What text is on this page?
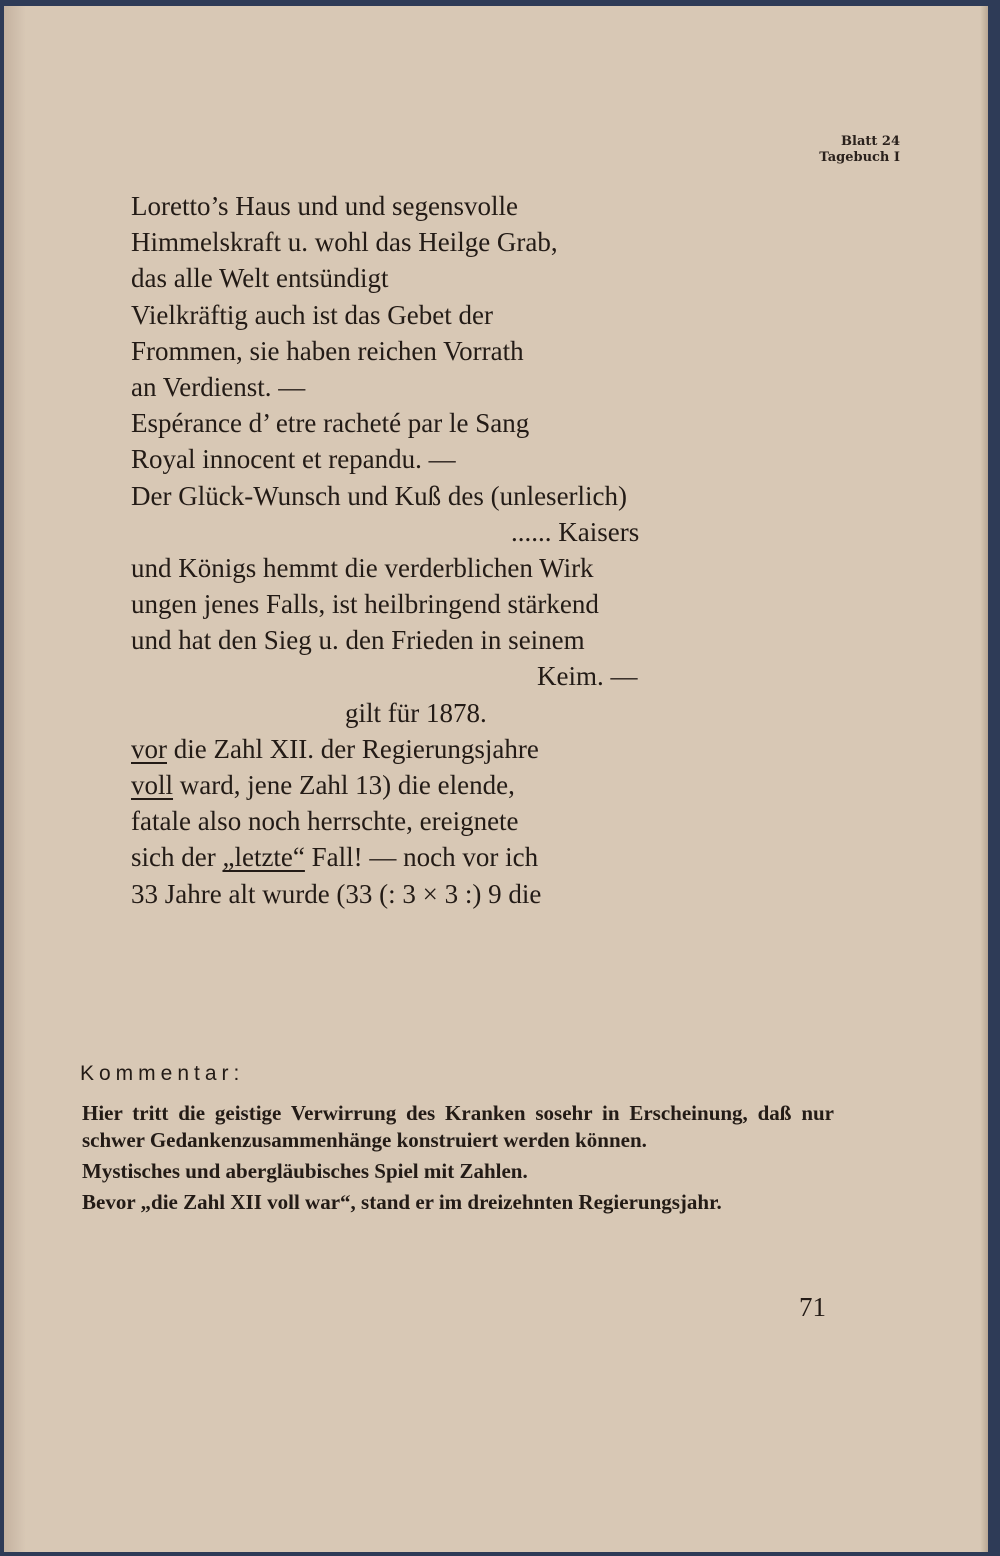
Blatt 24
Tagebuch I
Loretto’s Haus und und segensvolle
Himmelskraft u. wohl das Heilge Grab,
das alle Welt entsündigt
Vielkräftig auch ist das Gebet der
Frommen, sie haben reichen Vorrath
an Verdienst. —
Espérance d’ etre racheté par le Sang
Royal innocent et repandu. —
Der Glück-Wunsch und Kuß des (unleserlich)
...... Kaisers
und Königs hemmt die verderblichen Wirk
ungen jenes Falls, ist heilbringend stärkend
und hat den Sieg u. den Frieden in seinem
Keim. —
gilt für 1878.
vor die Zahl XII. der Regierungsjahre
voll ward, jene Zahl 13) die elende,
fatale also noch herrschte, ereignete
sich der „letzte“ Fall! — noch vor ich
33 Jahre alt wurde (33 (: 3 × 3 :) 9 die
Kommentar:

Hier tritt die geistige Verwirrung des Kranken sosehr in Erscheinung, daß nur schwer Gedankenzusammenhänge konstruiert werden können.

Mystisches und abergläubisches Spiel mit Zahlen.

Bevor „die Zahl XII voll war“, stand er im dreizehnten Regierungsjahr.

71
